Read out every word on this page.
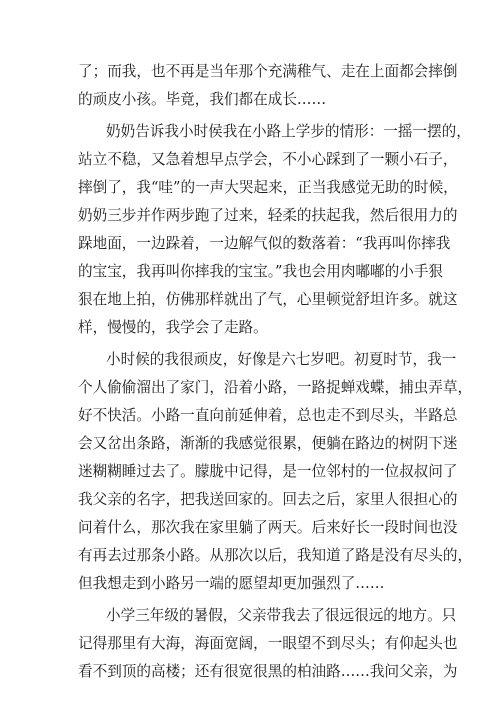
了；而我，也不再是当年那个充满稚气、走在上面都会摔倒
的顽皮小孩。毕竟，我们都在成长……
奶奶告诉我小时侯我在小路上学步的情形：一摇一摆的，
站立不稳，又急着想早点学会，不小心踩到了一颗小石子，
摔倒了，我“哇”的一声大哭起来，正当我感觉无助的时候，
奶奶三步并作两步跑了过来，轻柔的扶起我，然后很用力的
跺地面，一边跺着，一边解气似的数落着：“我再叫你摔我
的宝宝，我再叫你摔我的宝宝。”我也会用肉嘟嘟的小手狠
狠在地上拍，仿佛那样就出了气，心里顿觉舒坦许多。就这
样，慢慢的，我学会了走路。
小时候的我很顽皮，好像是六七岁吧。初夏时节，我一
个人偷偷溜出了家门，沿着小路，一路捉蝉戏蝶，捕虫弄草，
好不快活。小路一直向前延伸着，总也走不到尽头，半路总
会又岔出条路，渐渐的我感觉很累，便躺在路边的树阴下迷
迷糊糊睡过去了。朦胧中记得，是一位邻村的一位叔叔问了
我父亲的名字，把我送回家的。回去之后，家里人很担心的
问着什么，那次我在家里躺了两天。后来好长一段时间也没
有再去过那条小路。从那次以后，我知道了路是没有尽头的，
但我想走到小路另一端的愿望却更加强烈了……
小学三年级的暑假，父亲带我去了很远很远的地方。只
记得那里有大海，海面宽阔，一眼望不到尽头；有仰起头也
看不到顶的高楼；还有很宽很黑的柏油路……我问父亲，为
